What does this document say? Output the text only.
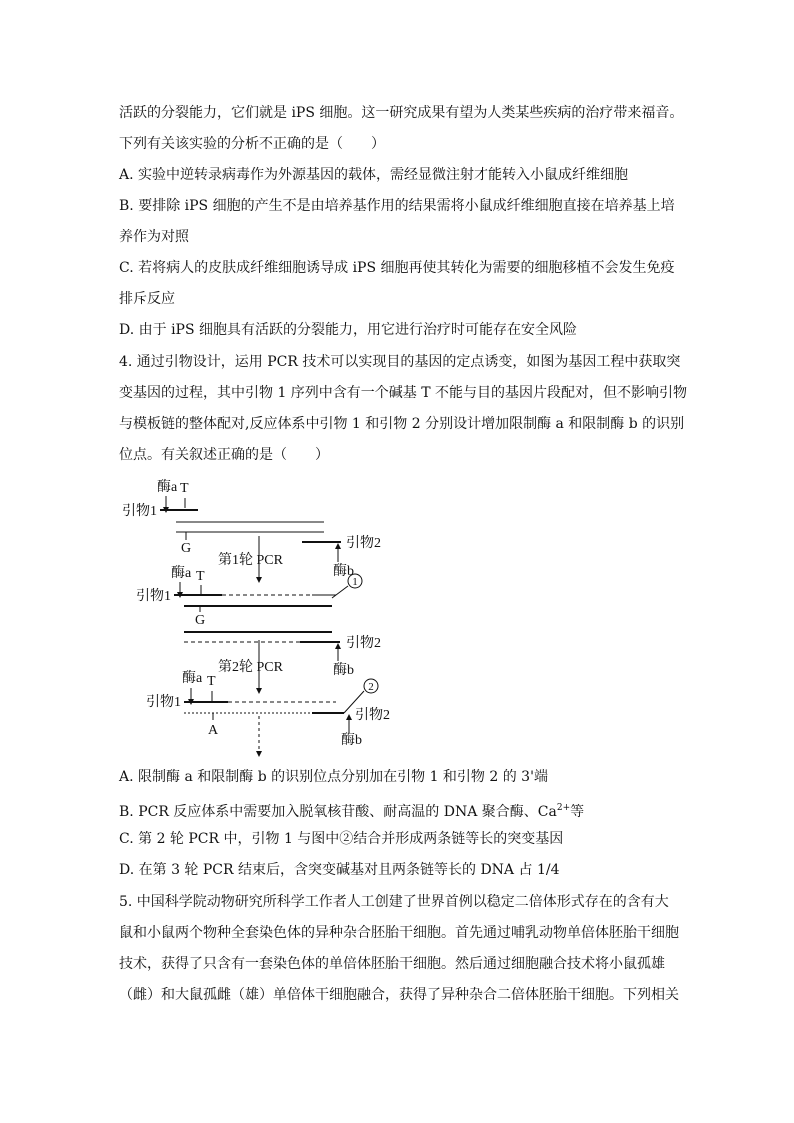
活跃的分裂能力，它们就是 iPS 细胞。这一研究成果有望为人类某些疾病的治疗带来福音。
下列有关该实验的分析不正确的是（　　）
A. 实验中逆转录病毒作为外源基因的载体，需经显微注射才能转入小鼠成纤维细胞
B. 要排除 iPS 细胞的产生不是由培养基作用的结果需将小鼠成纤维细胞直接在培养基上培
养作为对照
C. 若将病人的皮肤成纤维细胞诱导成 iPS 细胞再使其转化为需要的细胞移植不会发生免疫
排斥反应
D. 由于 iPS 细胞具有活跃的分裂能力，用它进行治疗时可能存在安全风险
4. 通过引物设计，运用 PCR 技术可以实现目的基因的定点诱变，如图为基因工程中获取突
变基因的过程，其中引物 1 序列中含有一个碱基 T 不能与目的基因片段配对，但不影响引物
与模板链的整体配对,反应体系中引物 1 和引物 2 分别设计增加限制酶 a 和限制酶 b 的识别
位点。有关叙述正确的是（　　）
酶a T
引物1
G	引物2
酶b
第1轮 PCR
酶a T
引物1
1
G
引物2
酶b
第2轮 PCR
酶a T
引物1
2
引物2
酶b
A
A. 限制酶 a 和限制酶 b 的识别位点分别加在引物 1 和引物 2 的 3'端
B. PCR 反应体系中需要加入脱氧核苷酸、耐高温的 DNA 聚合酶、$Ca^{2+}$等
C. 第 2 轮 PCR 中，引物 1 与图中②结合并形成两条链等长的突变基因
D. 在第 3 轮 PCR 结束后，含突变碱基对且两条链等长的 DNA 占 1/4
5. 中国科学院动物研究所科学工作者人工创建了世界首例以稳定二倍体形式存在的含有大
鼠和小鼠两个物种全套染色体的异种杂合胚胎干细胞。首先通过哺乳动物单倍体胚胎干细胞
技术，获得了只含有一套染色体的单倍体胚胎干细胞。然后通过细胞融合技术将小鼠孤雄
（雌）和大鼠孤雌（雄）单倍体干细胞融合，获得了异种杂合二倍体胚胎干细胞。下列相关
